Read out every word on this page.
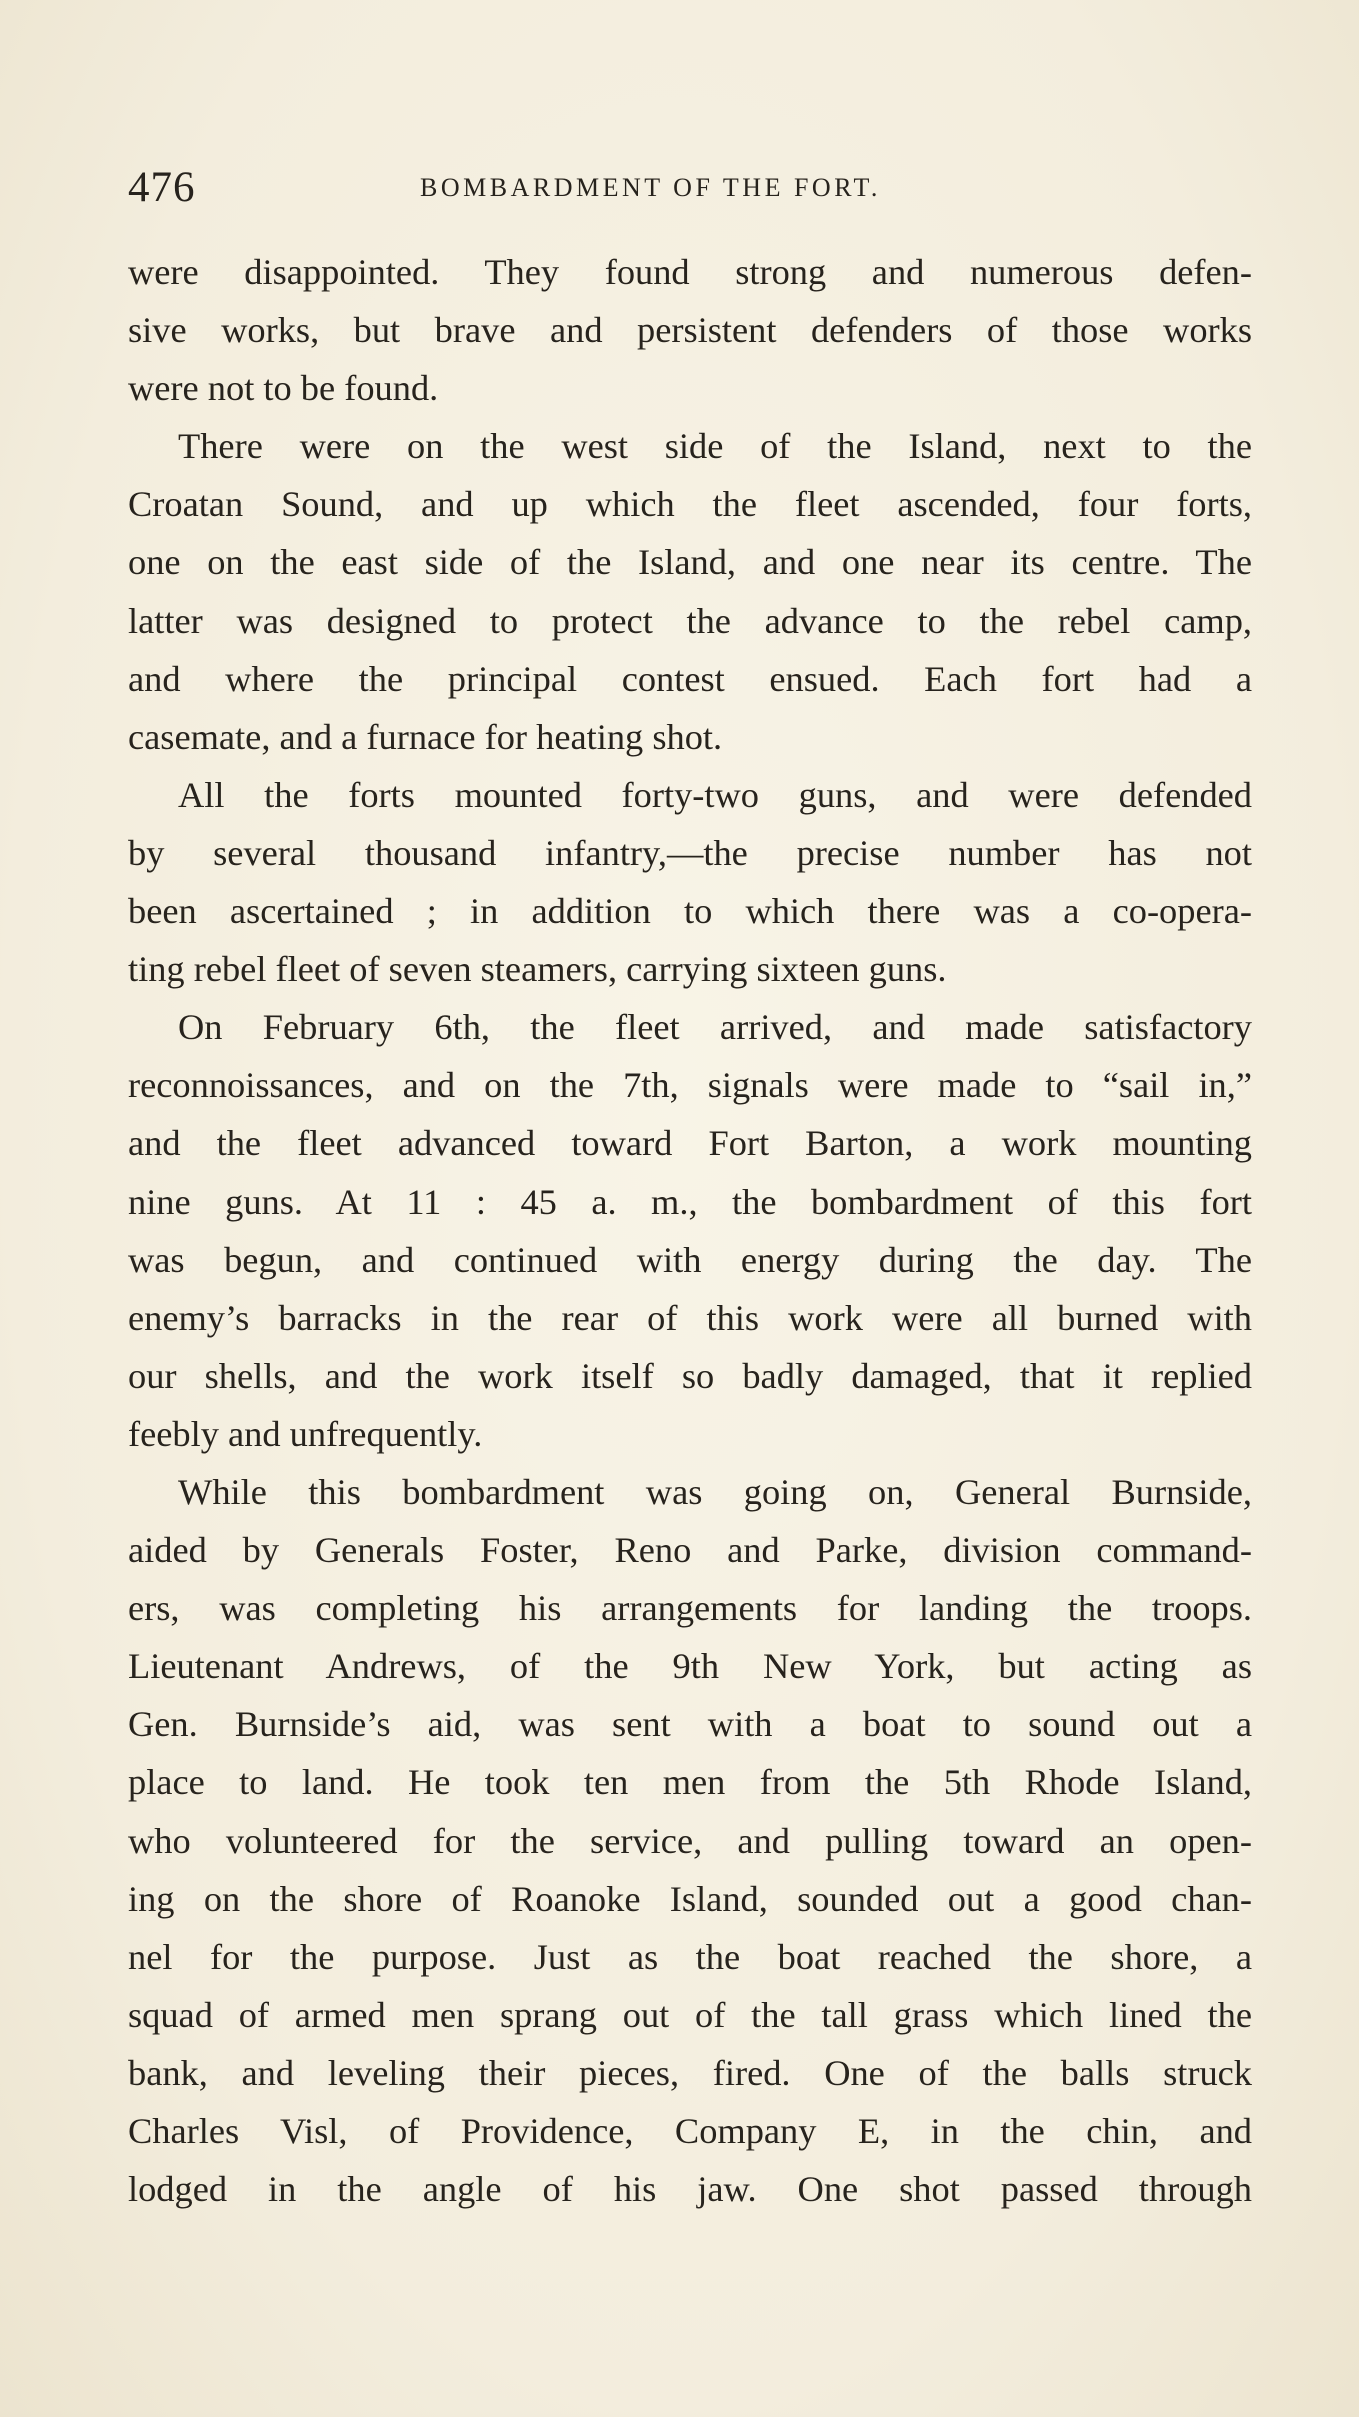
476	BOMBARDMENT OF THE FORT.
were disappointed. They found strong and numerous defen-
sive works, but brave and persistent defenders of those works
were not to be found.
There were on the west side of the Island, next to the
Croatan Sound, and up which the fleet ascended, four forts,
one on the east side of the Island, and one near its centre. The
latter was designed to protect the advance to the rebel camp,
and where the principal contest ensued. Each fort had a
casemate, and a furnace for heating shot.
All the forts mounted forty-two guns, and were defended
by several thousand infantry,—the precise number has not
been ascertained ; in addition to which there was a co-opera-
ting rebel fleet of seven steamers, carrying sixteen guns.
On February 6th, the fleet arrived, and made satisfactory
reconnoissances, and on the 7th, signals were made to “sail in,”
and the fleet advanced toward Fort Barton, a work mounting
nine guns. At 11 : 45 a. m., the bombardment of this fort
was begun, and continued with energy during the day. The
enemy’s barracks in the rear of this work were all burned with
our shells, and the work itself so badly damaged, that it replied
feebly and unfrequently.
While this bombardment was going on, General Burnside,
aided by Generals Foster, Reno and Parke, division command-
ers, was completing his arrangements for landing the troops.
Lieutenant Andrews, of the 9th New York, but acting as
Gen. Burnside’s aid, was sent with a boat to sound out a
place to land. He took ten men from the 5th Rhode Island,
who volunteered for the service, and pulling toward an open-
ing on the shore of Roanoke Island, sounded out a good chan-
nel for the purpose. Just as the boat reached the shore, a
squad of armed men sprang out of the tall grass which lined the
bank, and leveling their pieces, fired. One of the balls struck
Charles Visl, of Providence, Company E, in the chin, and
lodged in the angle of his jaw. One shot passed through
